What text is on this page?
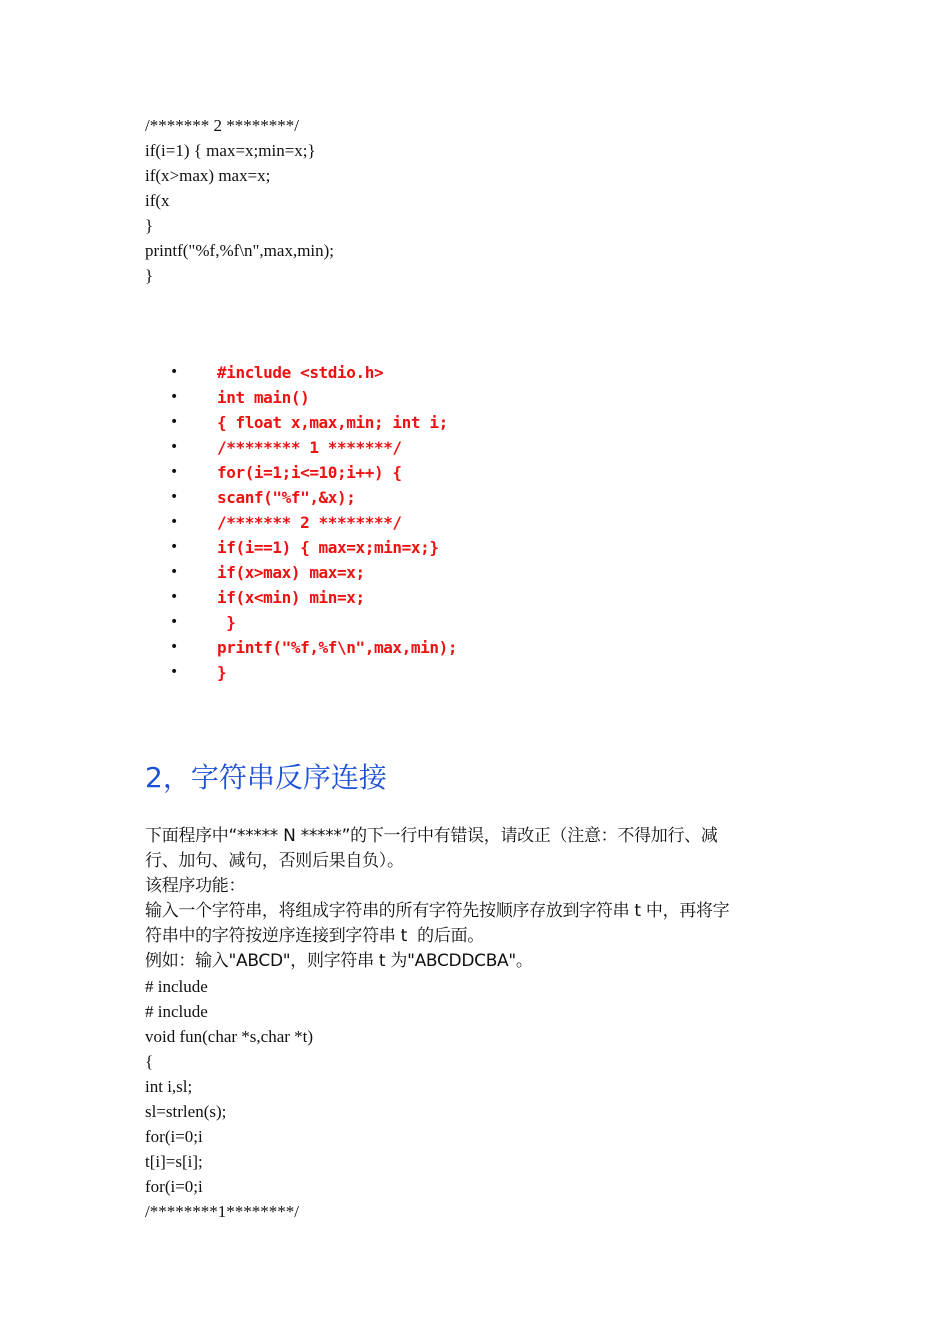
/******* 2 ********/
if(i=1) { max=x;min=x;}
if(x>max) max=x;
if(x
}
printf("%f,%f\n",max,min);
}
• #include <stdio.h>
• int main()
• { float x,max,min; int i;
• /******** 1 *******/
• for(i=1;i<=10;i++) {
• scanf("%f",&x);
• /******* 2 ********/
• if(i==1) { max=x;min=x;}
• if(x>max) max=x;
• if(x<min) min=x;
• }
• printf("%f,%f\n",max,min);
• }
2，字符串反序连接
下面程序中“***** N *****”的下一行中有错误，请改正（注意：不得加行、减
行、加句、减句，否则后果自负）。
该程序功能：
输入一个字符串，将组成字符串的所有字符先按顺序存放到字符串 t 中，再将字
符串中的字符按逆序连接到字符串 t  的后面。
例如：输入"ABCD"，则字符串 t 为"ABCDDCBA"。
# include
# include
void fun(char *s,char *t)
{
int i,sl;
sl=strlen(s);
for(i=0;i
t[i]=s[i];
for(i=0;i
/********1********/
